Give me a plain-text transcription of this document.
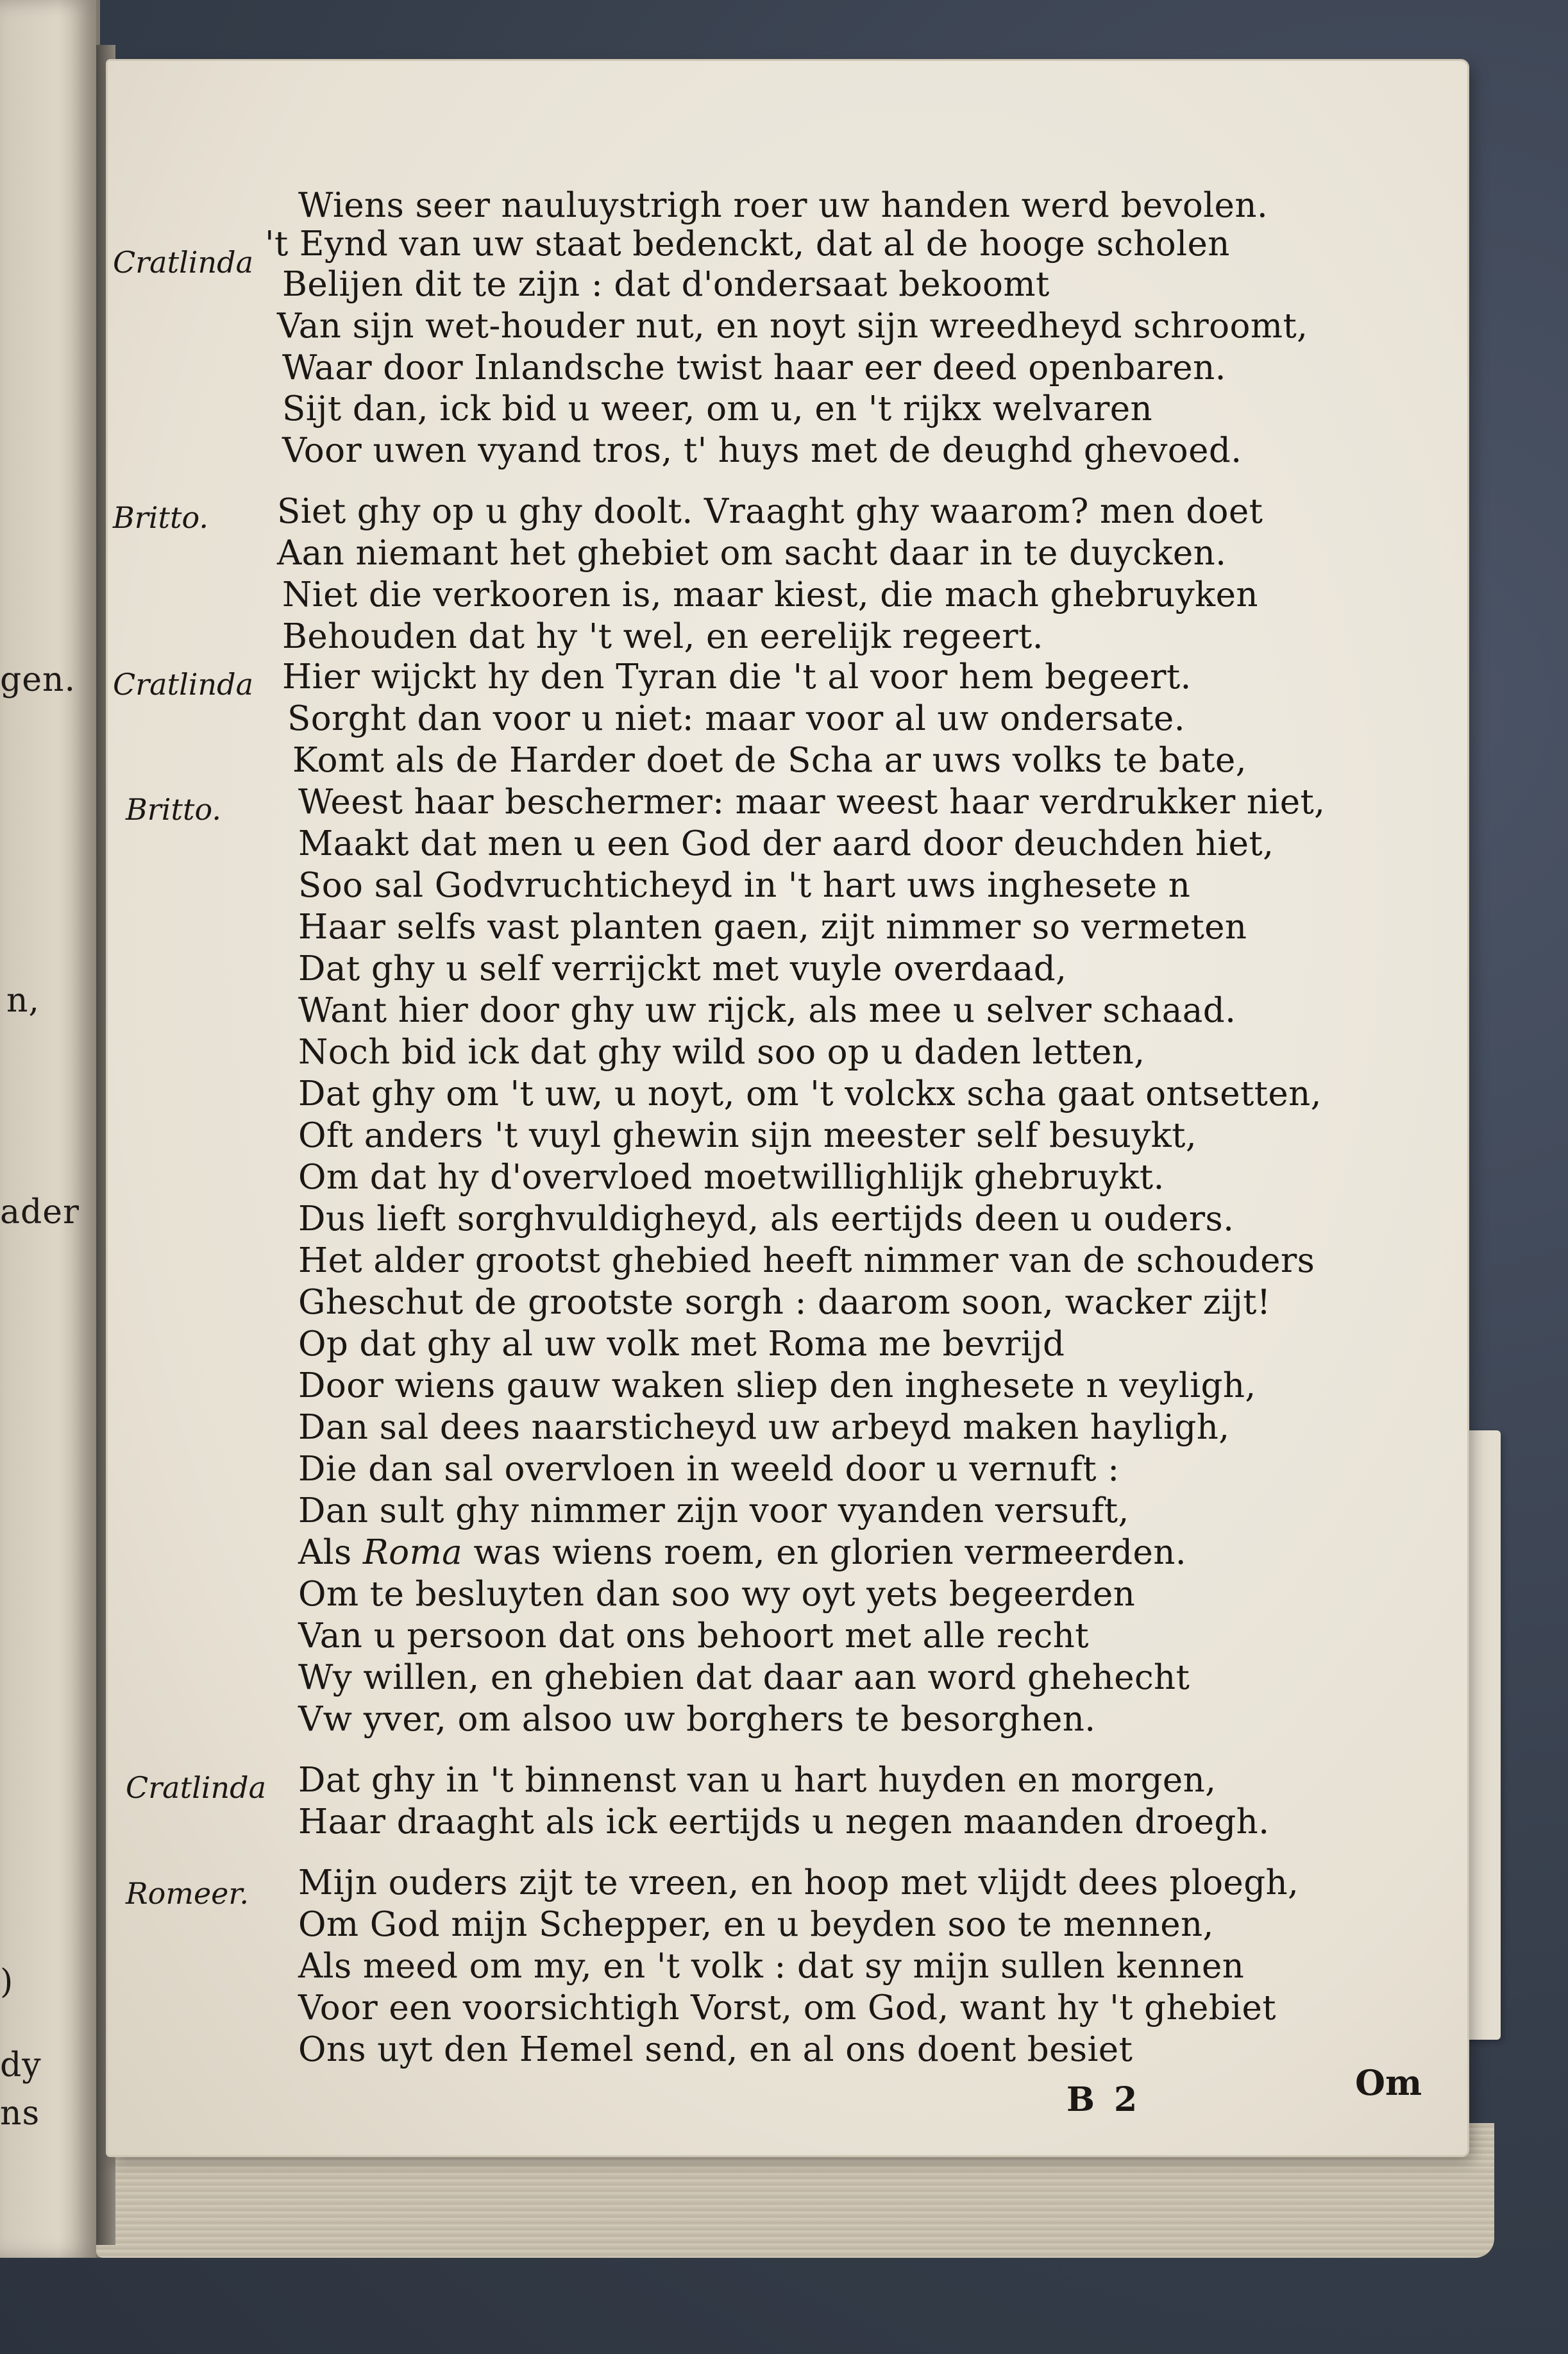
gen.
n,
ader
)
dy
ns
Cratlinda
Britto.
Cratlinda
Britto.
Cratlinda
Romeer.
Wiens seer nauluystrigh roer uw handen werd bevolen.
't Eynd van uw staat bedenckt, dat al de hooge scholen
Belijen dit te zijn : dat d'ondersaat bekoomt
Van sijn wet-houder nut, en noyt sijn wreedheyd schroomt,
Waar door Inlandsche twist haar eer deed openbaren.
Sijt dan, ick bid u weer, om u, en 't rijkx welvaren
Voor uwen vyand tros, t' huys met de deughd ghevoed.
Siet ghy op u ghy doolt. Vraaght ghy waarom? men doet
Aan niemant het ghebiet om sacht daar in te duycken.
Niet die verkooren is, maar kiest, die mach ghebruyken
Behouden dat hy 't wel, en eerelijk regeert.
Hier wijckt hy den Tyran die 't al voor hem begeert.
Sorght dan voor u niet: maar voor al uw ondersate.
Komt als de Harder doet de Scha ar uws volks te bate,
Weest haar beschermer: maar weest haar verdrukker niet,
Maakt dat men u een God der aard door deuchden hiet,
Soo sal Godvruchticheyd in 't hart uws inghesete n
Haar selfs vast planten gaen, zijt nimmer so vermeten
Dat ghy u self verrijckt met vuyle overdaad,
Want hier door ghy uw rijck, als mee u selver schaad.
Noch bid ick dat ghy wild soo op u daden letten,
Dat ghy om 't uw, u noyt, om 't volckx scha gaat ontsetten,
Oft anders 't vuyl ghewin sijn meester self besuykt,
Om dat hy d'overvloed moetwillighlijk ghebruykt.
Dus lieft sorghvuldigheyd, als eertijds deen u ouders.
Het alder grootst ghebied heeft nimmer van de schouders
Gheschut de grootste sorgh : daarom soon, wacker zijt!
Op dat ghy al uw volk met Roma me bevrijd
Door wiens gauw waken sliep den inghesete n veyligh,
Dan sal dees naarsticheyd uw arbeyd maken hayligh,
Die dan sal overvloen in weeld door u vernuft :
Dan sult ghy nimmer zijn voor vyanden versuft,
Als Roma was wiens roem, en glorien vermeerden.
Om te besluyten dan soo wy oyt yets begeerden
Van u persoon dat ons behoort met alle recht
Wy willen, en ghebien dat daar aan word ghehecht
Vw yver, om alsoo uw borghers te besorghen.
Dat ghy in 't binnenst van u hart huyden en morgen,
Haar draaght als ick eertijds u negen maanden droegh.
Mijn ouders zijt te vreen, en hoop met vlijdt dees ploegh,
Om God mijn Schepper, en u beyden soo te mennen,
Als meed om my, en 't volk : dat sy mijn sullen kennen
Voor een voorsichtigh Vorst, om God, want hy 't ghebiet
Ons uyt den Hemel send, en al ons doent besiet
B 2	Om
